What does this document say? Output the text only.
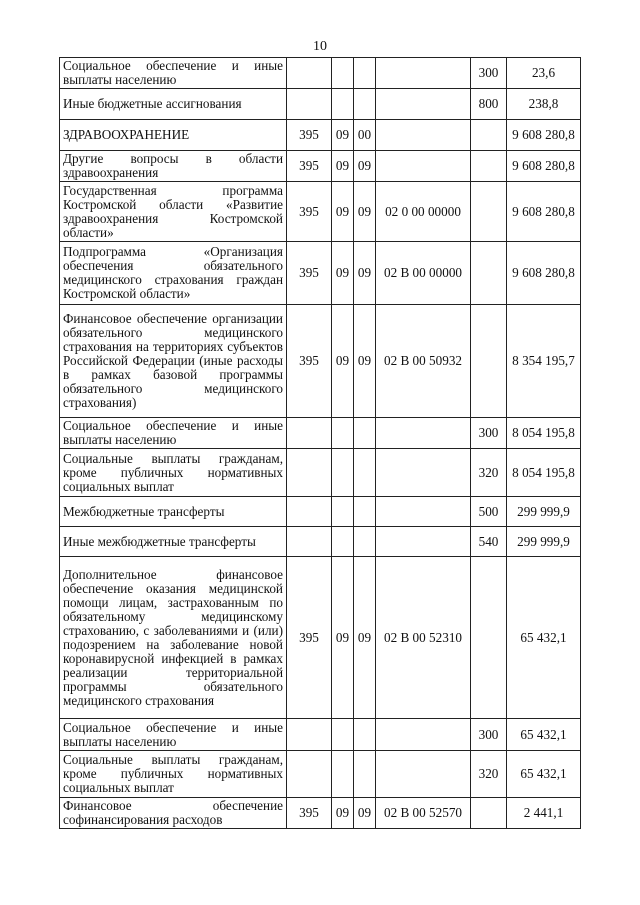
10
Социальное обеспечение и иные выплаты населению					300	23,6
Иные бюджетные ассигнования					800	238,8
ЗДРАВООХРАНЕНИЕ	395	09	00			9 608 280,8
Другие вопросы в области здравоохранения	395	09	09			9 608 280,8
Государственная программа Костромской области «Развитие здравоохранения Костромской области»	395	09	09	02 0 00 00000		9 608 280,8
Подпрограмма «Организация обеспечения обязательного медицинского страхования граждан Костромской области»	395	09	09	02 В 00 00000		9 608 280,8
Финансовое обеспечение организации обязательного медицинского страхования на территориях субъектов Российской Федерации (иные расходы в рамках базовой программы обязательного медицинского страхования)	395	09	09	02 В 00 50932		8 354 195,7
Социальное обеспечение и иные выплаты населению					300	8 054 195,8
Социальные выплаты гражданам, кроме публичных нормативных социальных выплат					320	8 054 195,8
Межбюджетные трансферты					500	299 999,9
Иные межбюджетные трансферты					540	299 999,9
Дополнительное финансовое обеспечение оказания медицинской помощи лицам, застрахованным по обязательному медицинскому страхованию, с заболеваниями и (или) подозрением на заболевание новой коронавирусной инфекцией в рамках реализации территориальной программы обязательного медицинского страхования	395	09	09	02 В 00 52310		65 432,1
Социальное обеспечение и иные выплаты населению					300	65 432,1
Социальные выплаты гражданам, кроме публичных нормативных социальных выплат					320	65 432,1
Финансовое обеспечение софинансирования расходов	395	09	09	02 В 00 52570		2 441,1
